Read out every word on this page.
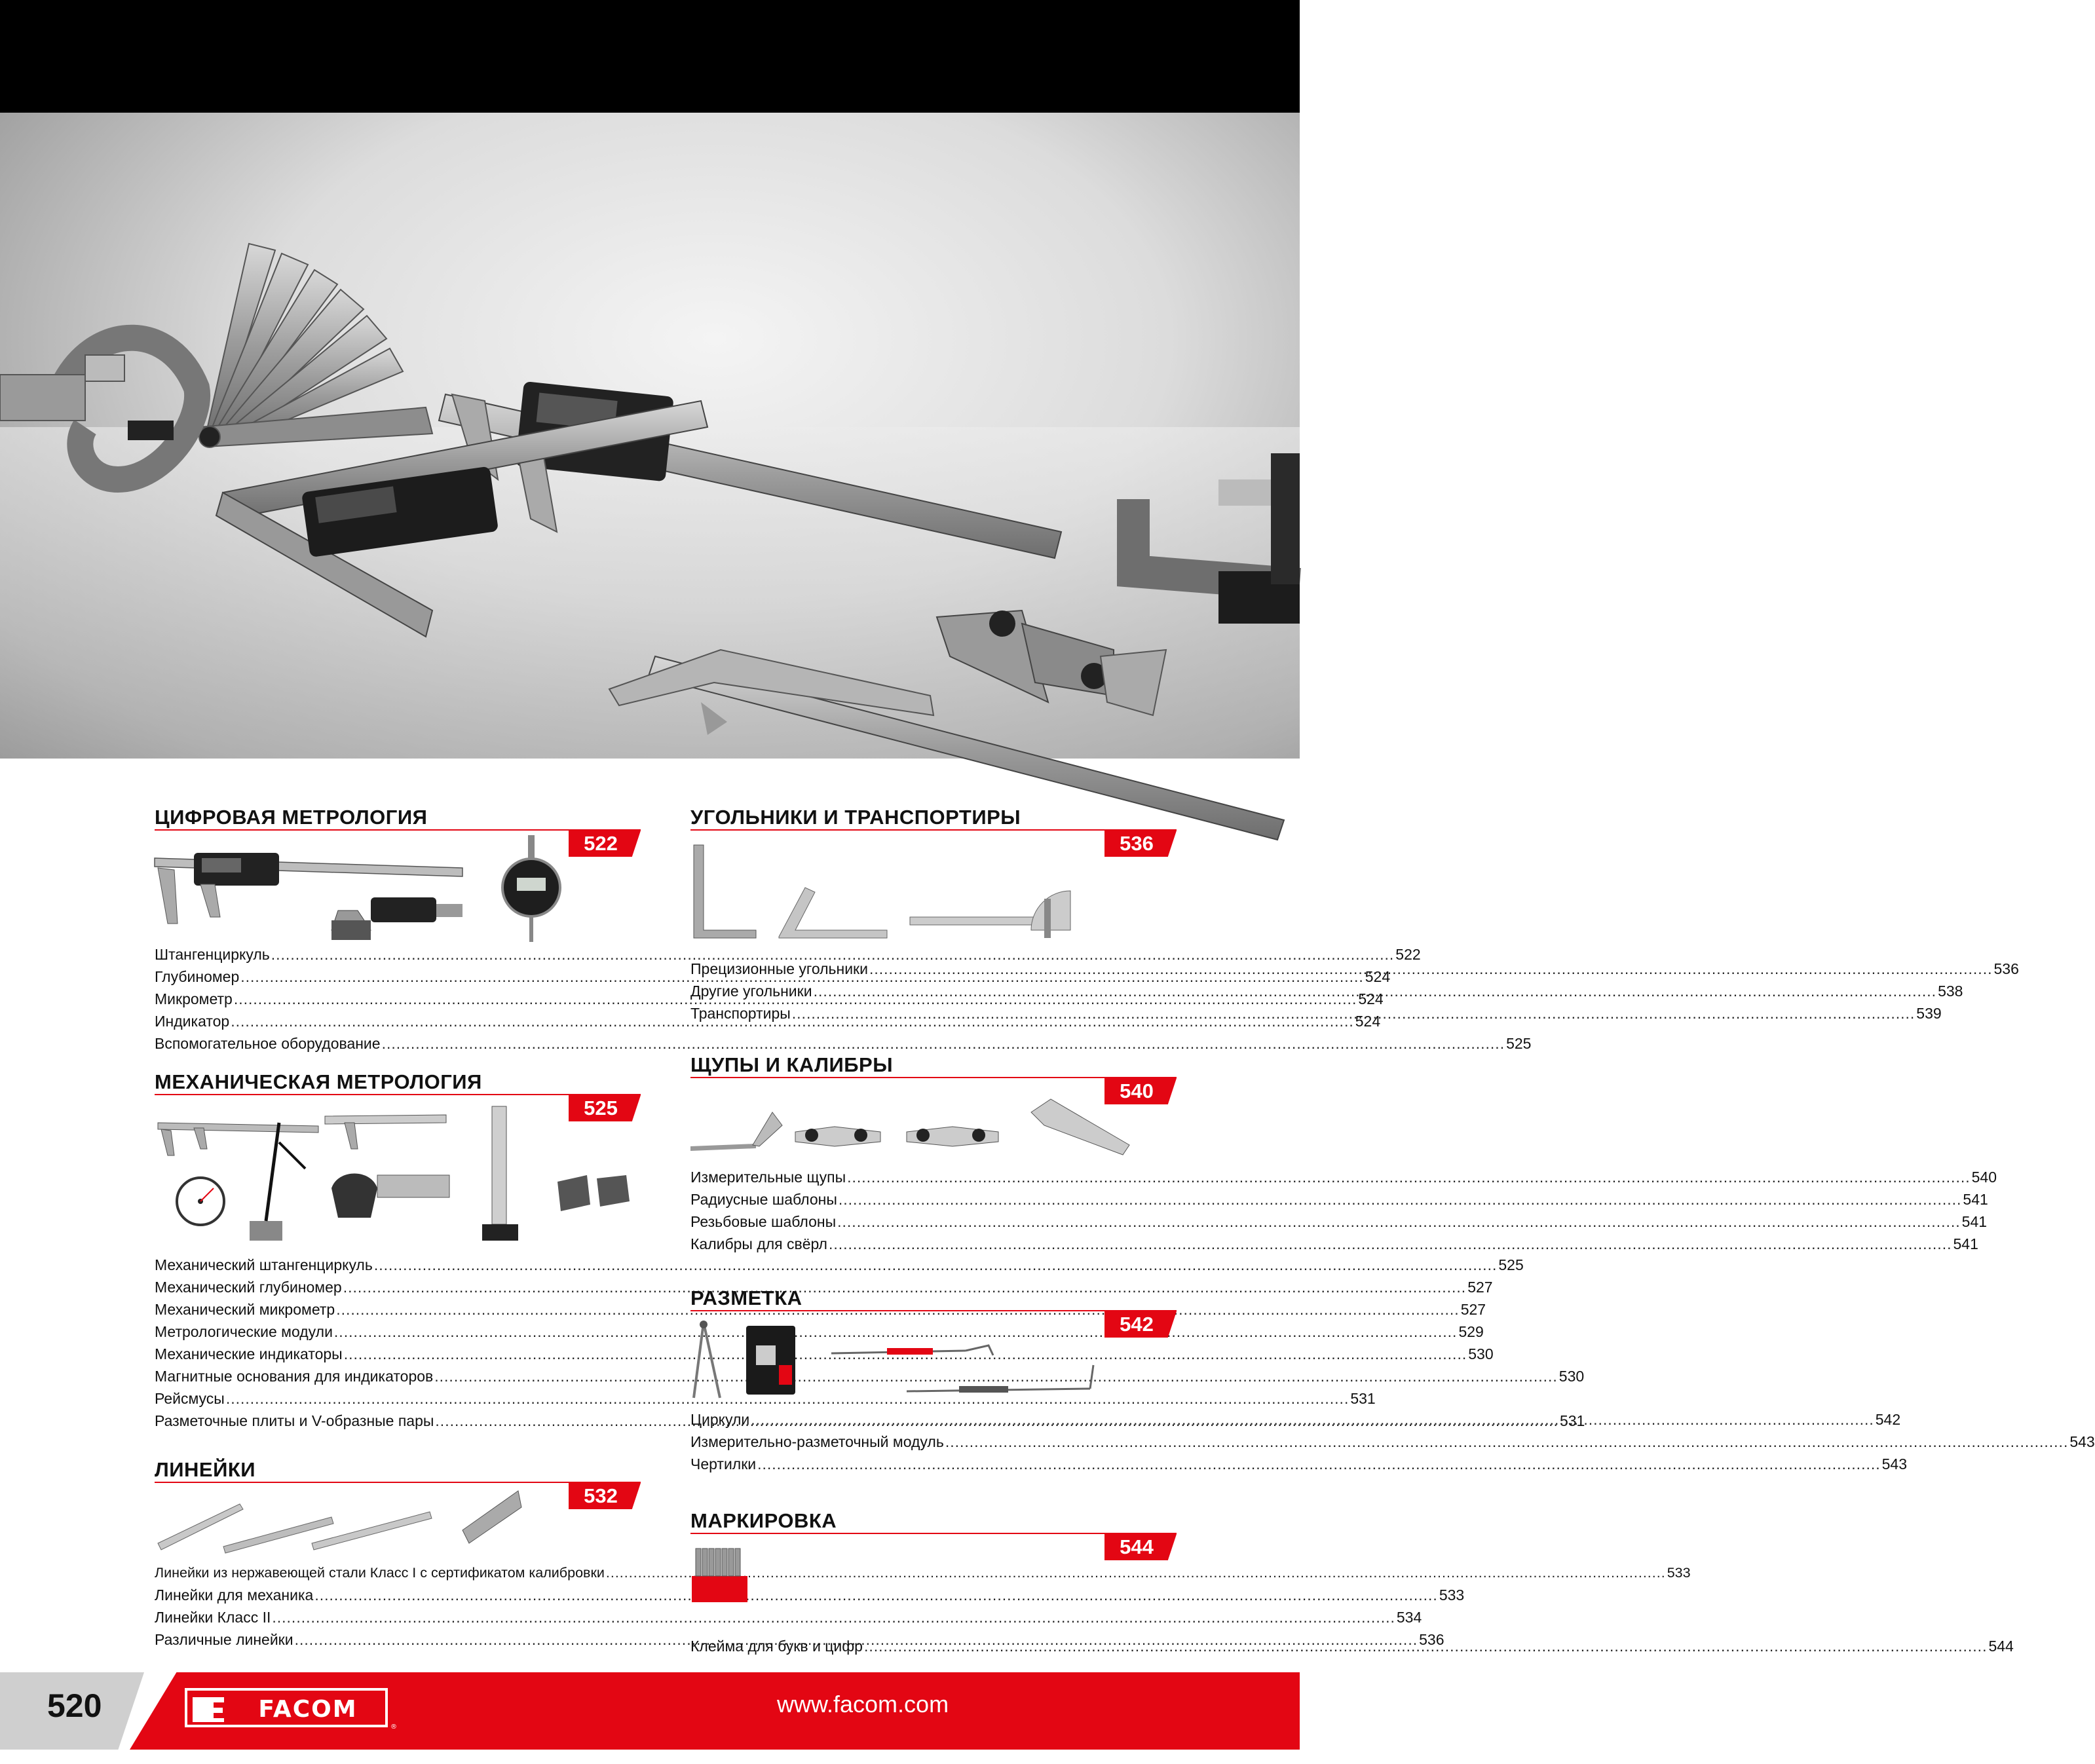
ЦИФРОВАЯ МЕТРОЛОГИЯ
522
Штангенциркуль .....	522
Глубиномер .....	524
Микрометр .....	524
Индикатор .....	524
Вспомогательное оборудование .....	525
МЕХАНИЧЕСКАЯ МЕТРОЛОГИЯ
525
Механический штангенциркуль .....	525
Механический глубиномер .....	527
Механический микрометр .....	527
Метрологические модули .....	529
Механические индикаторы .....	530
Магнитные основания для индикаторов .....	530
Рейсмусы .....	531
Разметочные плиты и V-образные пары .....	531
ЛИНЕЙКИ
532
Линейки из нержавеющей стали Класс I с сертификатом калибровки .....	533
Линейки для механика .....	533
Линейки Класс II .....	534
Различные линейки .....	536
УГОЛЬНИКИ И ТРАНСПОРТИРЫ
536
Прецизионные угольники .....	536
Другие угольники .....	538
Транспортиры .....	539
ЩУПЫ И КАЛИБРЫ
540
Измерительные щупы .....	540
Радиусные шаблоны .....	541
Резьбовые шаблоны .....	541
Калибры для свёрл .....	541
РАЗМЕТКА
542
Циркули .....	542
Измерительно-разметочный модуль .....	543
Чертилки .....	543
МАРКИРОВКА
544
Клейма для букв и цифр .....	544
520	FACOM
®
www.facom.com
